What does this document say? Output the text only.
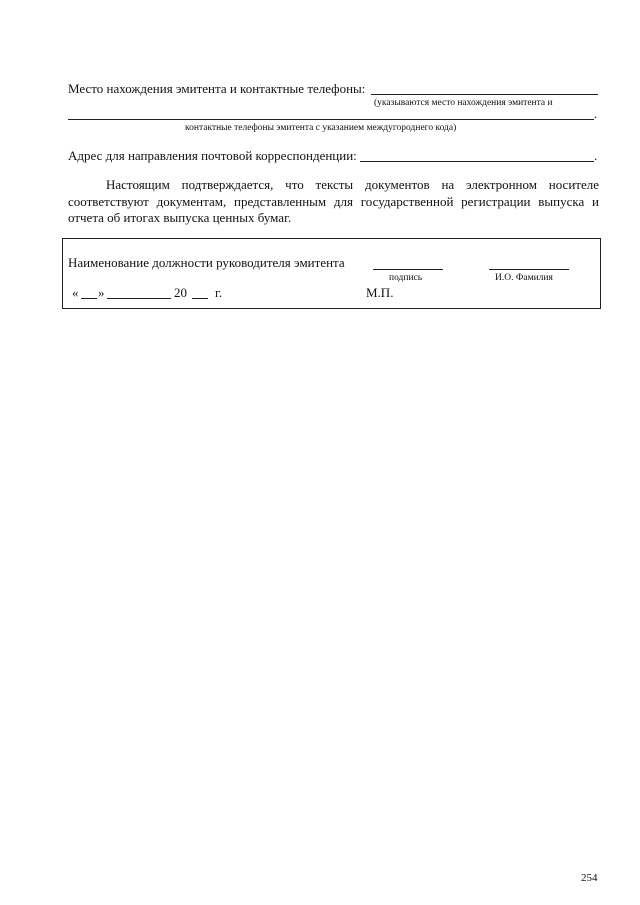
Место нахождения эмитента и контактные телефоны:
(указываются место нахождения эмитента и
.
контактные телефоны эмитента с указанием междугороднего кода)
Адрес для направления почтовой корреспонденции:	.

Настоящим подтверждается, что тексты документов на электронном носителе соответствуют документам, представленным для государственной регистрации выпуска и отчета об итогах выпуска ценных бумаг.

Наименование должности руководителя эмитента
подпись	И.О. Фамилия
« »	20 г.	М.П.
254
